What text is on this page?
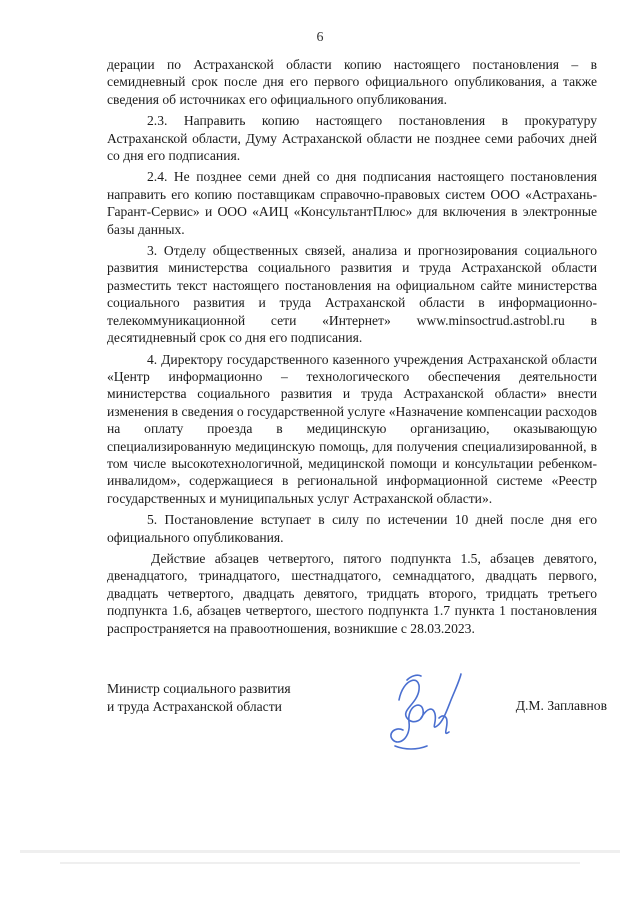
6

дерации по Астраханской области копию настоящего постановления – в семидневный срок после дня его первого официального опубликования, а также сведения об источниках его официального опубликования.

2.3. Направить копию настоящего постановления в прокуратуру Астраханской области, Думу Астраханской области не позднее семи рабочих дней со дня его подписания.

2.4. Не позднее семи дней со дня подписания настоящего постановления направить его копию поставщикам справочно-правовых систем ООО «Астрахань-Гарант-Сервис» и ООО «АИЦ «КонсультантПлюс» для включения в электронные базы данных.

3. Отделу общественных связей, анализа и прогнозирования социального развития министерства социального развития и труда Астраханской области разместить текст настоящего постановления на официальном сайте министерства социального развития и труда Астраханской области в информационно-телекоммуникационной сети «Интернет» www.minsoctrud.astrobl.ru в десятидневный срок со дня его подписания.

4. Директору государственного казенного учреждения Астраханской области «Центр информационно – технологического обеспечения деятельности министерства социального развития и труда Астраханской области» внести изменения в сведения о государственной услуге «Назначение компенсации расходов на оплату проезда в медицинскую организацию, оказывающую специализированную медицинскую помощь, для получения специализированной, в том числе высокотехнологичной, медицинской помощи и консультации ребенком-инвалидом», содержащиеся в региональной информационной системе «Реестр государственных и муниципальных услуг Астраханской области».

5. Постановление вступает в силу по истечении 10 дней после дня его официального опубликования.

Действие абзацев четвертого, пятого подпункта 1.5, абзацев девятого, двенадцатого, тринадцатого, шестнадцатого, семнадцатого, двадцать первого, двадцать четвертого, двадцать девятого, тридцать второго, тридцать третьего подпункта 1.6, абзацев четвертого, шестого подпункта 1.7 пункта 1 постановления распространяется на правоотношения, возникшие с 28.03.2023.

Министр социального развития
и труда Астраханской области	Д.М. Заплавнов
